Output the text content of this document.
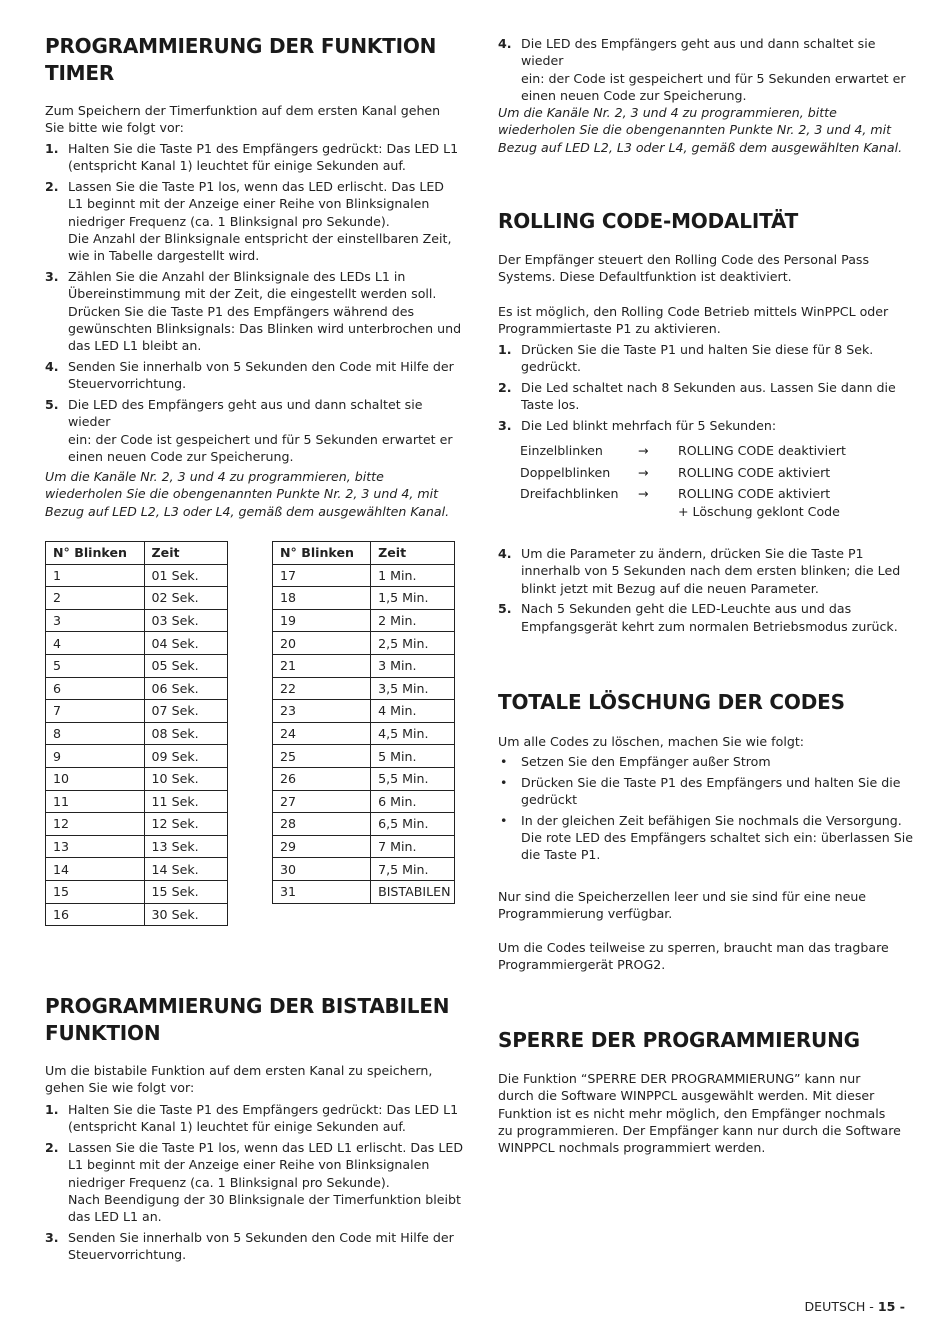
PROGRAMMIERUNG DER FUNKTION
TIMER

Zum Speichern der Timerfunktion auf dem ersten Kanal gehen
Sie bitte wie folgt vor:

1. Halten Sie die Taste P1 des Empfängers gedrückt: Das LED L1
(entspricht Kanal 1) leuchtet für einige Sekunden auf.
2. Lassen Sie die Taste P1 los, wenn das LED erlischt. Das LED
L1 beginnt mit der Anzeige einer Reihe von Blinksignalen
niedriger Frequenz (ca. 1 Blinksignal pro Sekunde).
Die Anzahl der Blinksignale entspricht der einstellbaren Zeit,
wie in Tabelle dargestellt wird.
3. Zählen Sie die Anzahl der Blinksignale des LEDs L1 in
Übereinstimmung mit der Zeit, die eingestellt werden soll.
Drücken Sie die Taste P1 des Empfängers während des
gewünschten Blinksignals: Das Blinken wird unterbrochen und
das LED L1 bleibt an.
4. Senden Sie innerhalb von 5 Sekunden den Code mit Hilfe der
Steuervorrichtung.
5. Die LED des Empfängers geht aus und dann schaltet sie wieder
ein: der Code ist gespeichert und für 5 Sekunden erwartet er
einen neuen Code zur Speicherung.

Um die Kanäle Nr. 2, 3 und 4 zu programmieren, bitte
wiederholen Sie die obengenannten Punkte Nr. 2, 3 und 4, mit
Bezug auf LED L2, L3 oder L4, gemäß dem ausgewählten Kanal.

N° Blinken	Zeit
1	01 Sek.
2	02 Sek.
3	03 Sek.
4	04 Sek.
5	05 Sek.
6	06 Sek.
7	07 Sek.
8	08 Sek.
9	09 Sek.
10	10 Sek.
11	11 Sek.
12	12 Sek.
13	13 Sek.
14	14 Sek.
15	15 Sek.
16	30 Sek.
N° Blinken	Zeit
17	1 Min.
18	1,5 Min.
19	2 Min.
20	2,5 Min.
21	3 Min.
22	3,5 Min.
23	4 Min.
24	4,5 Min.
25	5 Min.
26	5,5 Min.
27	6 Min.
28	6,5 Min.
29	7 Min.
30	7,5 Min.
31	BISTABILEN
PROGRAMMIERUNG DER BISTABILEN
FUNKTION

Um die bistabile Funktion auf dem ersten Kanal zu speichern,
gehen Sie wie folgt vor:

1. Halten Sie die Taste P1 des Empfängers gedrückt: Das LED L1
(entspricht Kanal 1) leuchtet für einige Sekunden auf.
2. Lassen Sie die Taste P1 los, wenn das LED L1 erlischt. Das LED
L1 beginnt mit der Anzeige einer Reihe von Blinksignalen
niedriger Frequenz (ca. 1 Blinksignal pro Sekunde).
Nach Beendigung der 30 Blinksignale der Timerfunktion bleibt
das LED L1 an.
3. Senden Sie innerhalb von 5 Sekunden den Code mit Hilfe der
Steuervorrichtung.
4. Die LED des Empfängers geht aus und dann schaltet sie wieder
ein: der Code ist gespeichert und für 5 Sekunden erwartet er
einen neuen Code zur Speicherung.

Um die Kanäle Nr. 2, 3 und 4 zu programmieren, bitte
wiederholen Sie die obengenannten Punkte Nr. 2, 3 und 4, mit
Bezug auf LED L2, L3 oder L4, gemäß dem ausgewählten Kanal.

ROLLING CODE-MODALITÄT

Der Empfänger steuert den Rolling Code des Personal Pass
Systems. Diese Defaultfunktion ist deaktiviert.

Es ist möglich, den Rolling Code Betrieb mittels WinPPCL oder
Programmiertaste P1 zu aktivieren.

1. Drücken Sie die Taste P1 und halten Sie diese für 8 Sek.
gedrückt.
2. Die Led schaltet nach 8 Sekunden aus. Lassen Sie dann die
Taste los.
3. Die Led blinkt mehrfach für 5 Sekunden:
Einzelblinken	→	ROLLING CODE deaktiviert
Doppelblinken	→	ROLLING CODE aktiviert
Dreifachblinken	→	ROLLING CODE aktiviert
+ Löschung geklont Code
4. Um die Parameter zu ändern, drücken Sie die Taste P1
innerhalb von 5 Sekunden nach dem ersten blinken; die Led
blinkt jetzt mit Bezug auf die neuen Parameter.
5. Nach 5 Sekunden geht die LED-Leuchte aus und das
Empfangsgerät kehrt zum normalen Betriebsmodus zurück.
TOTALE LÖSCHUNG DER CODES

Um alle Codes zu löschen, machen Sie wie folgt:

• Setzen Sie den Empfänger außer Strom
• Drücken Sie die Taste P1 des Empfängers und halten Sie die
gedrückt
• In der gleichen Zeit befähigen Sie nochmals die Versorgung.
Die rote LED des Empfängers schaltet sich ein: überlassen Sie
die Taste P1.

Nur sind die Speicherzellen leer und sie sind für eine neue
Programmierung verfügbar.

Um die Codes teilweise zu sperren, braucht man das tragbare
Programmiergerät PROG2.

SPERRE DER PROGRAMMIERUNG

Die Funktion “SPERRE DER PROGRAMMIERUNG” kann nur
durch die Software WINPPCL ausgewählt werden. Mit dieser
Funktion ist es nicht mehr möglich, den Empfänger nochmals
zu programmieren. Der Empfänger kann nur durch die Software
WINPPCL nochmals programmiert werden.

DEUTSCH - 15 -
